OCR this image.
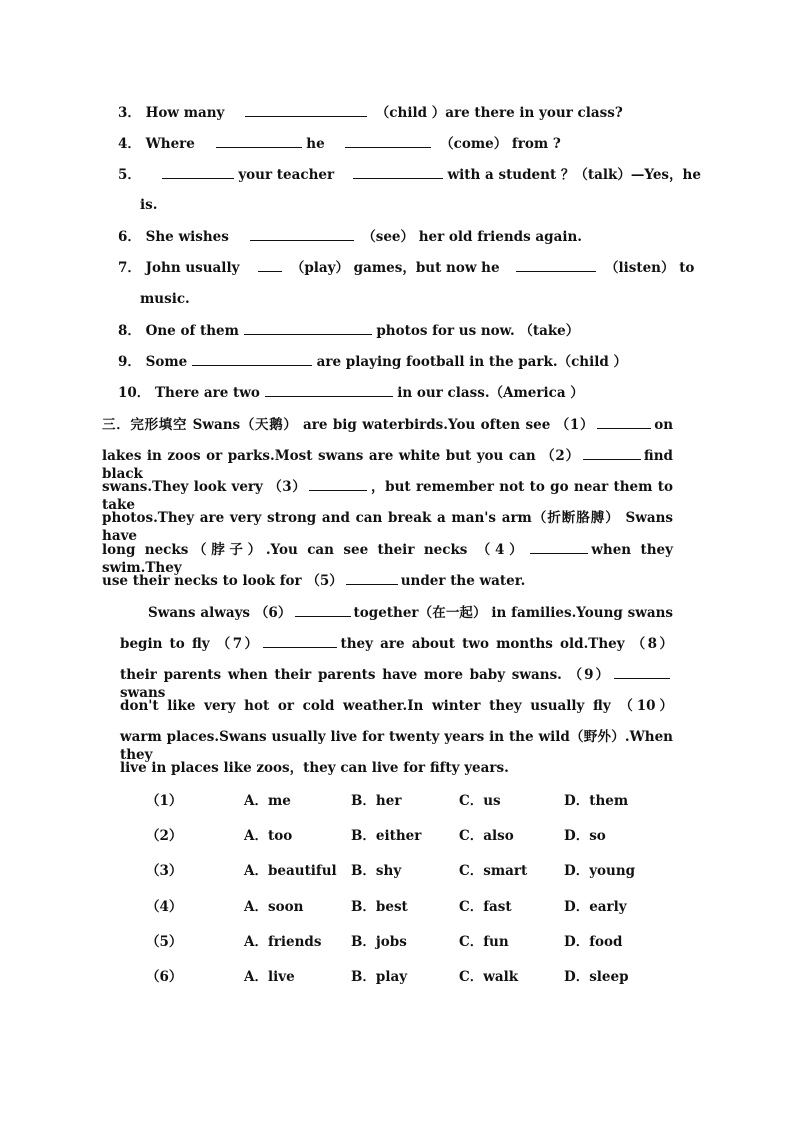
3． How many	（child ）are there in your class?
4． Where	he	（come） from ?
5．	your teacher	with a student ？（talk）—Yes，he
is.
6． She wishes	（see） her old friends again.
7． John usually	（play） games，but now he	（listen） to
music.
8． One of them	photos for us now. （take）
9． Some	are playing football in the park.（child ）
10． There are two	in our class.（America ）
三．完形填空 Swans（天鹅） are big waterbirds.You often see （1）	on
lakes in zoos or parks.Most swans are white but you can （2）	find black
swans.They look very （3）	，but remember not to go near them to take
photos.They are very strong and can break a man's arm（折断胳膊） Swans have
long necks（脖子）.You can see their necks （4）	when they swim.They
use their necks to look for （5）	under the water.
Swans always （6）	together（在一起） in families.Young swans
begin to fly （7）	they are about two months old.They （8）
their parents when their parents have more baby swans. （9）swans
don't like very hot or cold weather.In winter they usually fly （10）
warm places.Swans usually live for twenty years in the wild（野外）.When they
live in places like zoos，they can live for fifty years.
（1）	A．me	B．her	C．us	D．them
（2）	A．too	B．either	C．also	D．so
（3）	A．beautiful B．shy	C．smart	D．young
（4）	A．soon	B．best	C．fast	D．early
（5）	A．friends B．jobs	C．fun	D．food
（6）	A．live	B．play	C．walk	D．sleep
